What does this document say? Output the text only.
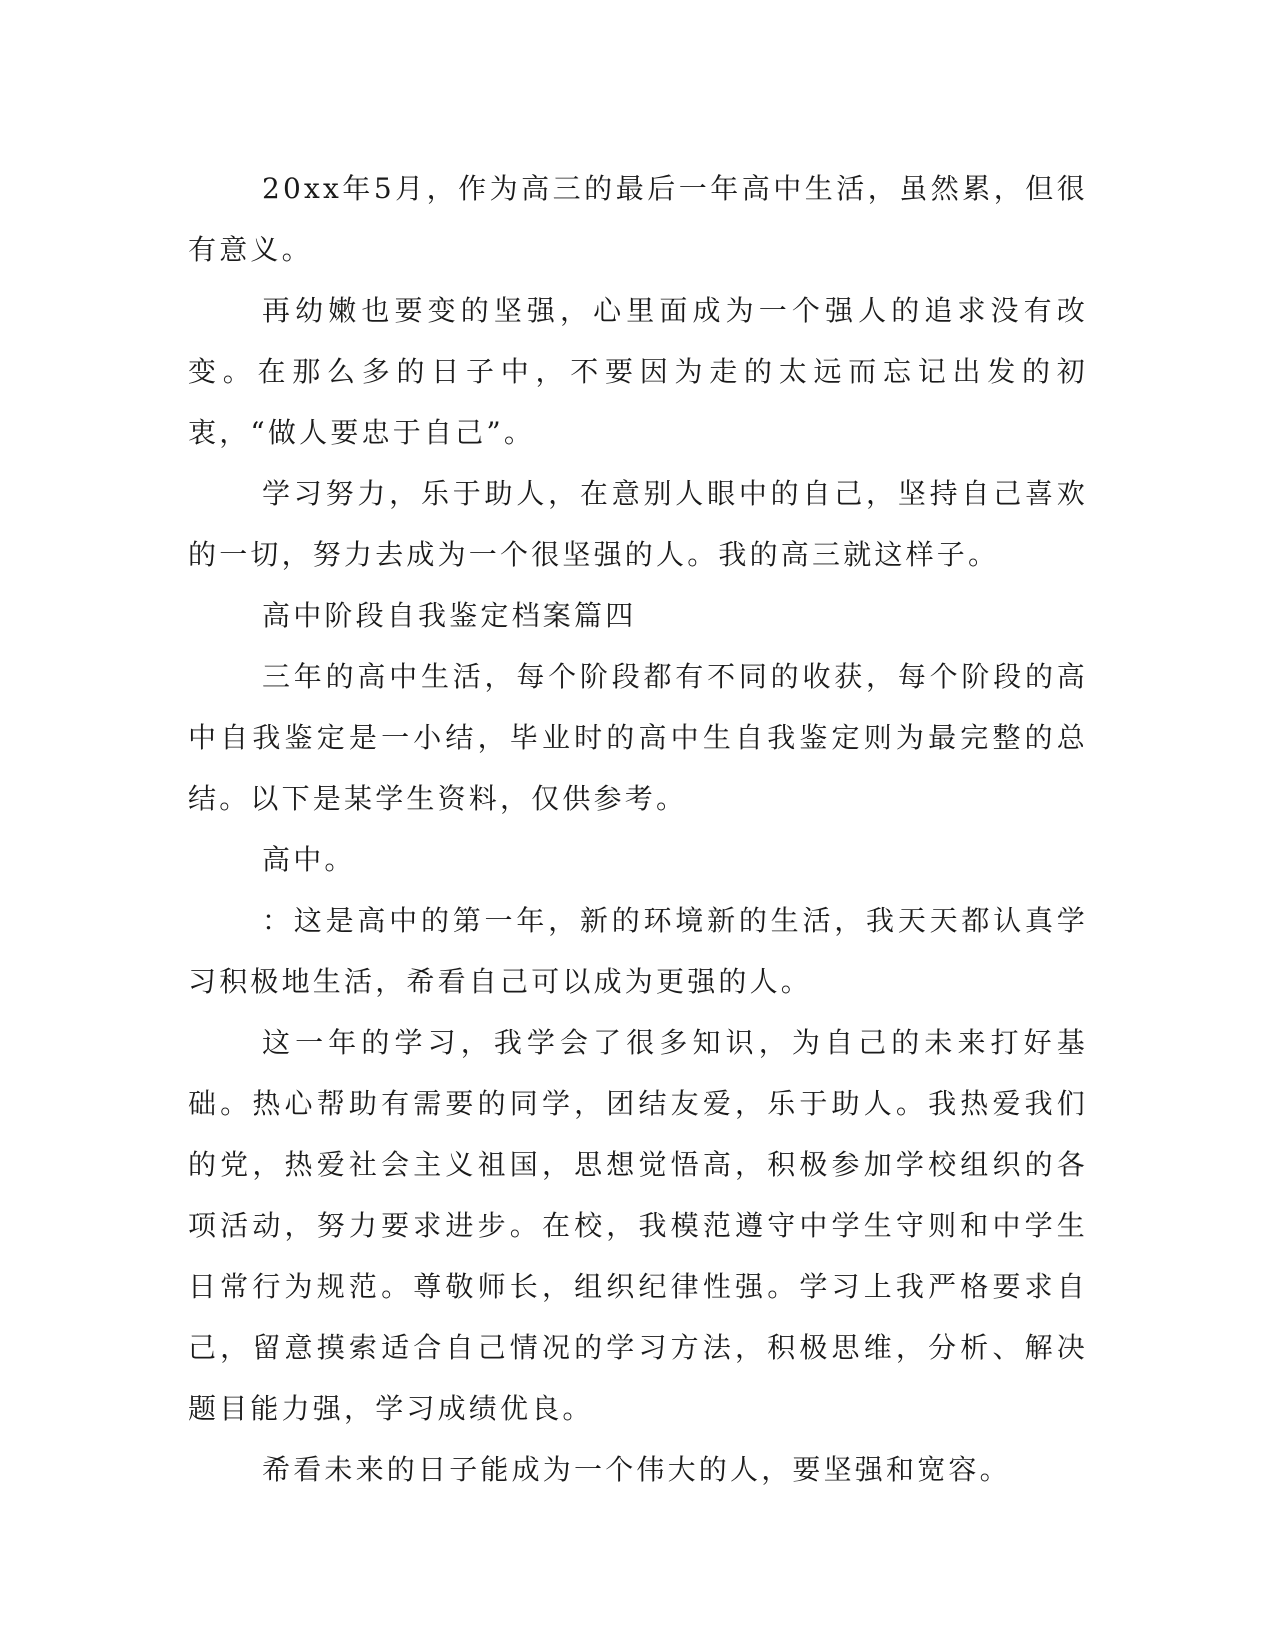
20xx年5月，作为高三的最后一年高中生活，虽然累，但很有意义。

再幼嫩也要变的坚强，心里面成为一个强人的追求没有改变。在那么多的日子中，不要因为走的太远而忘记出发的初衷，“做人要忠于自己”。

学习努力，乐于助人，在意别人眼中的自己，坚持自己喜欢的一切，努力去成为一个很坚强的人。我的高三就这样子。

高中阶段自我鉴定档案篇四

三年的高中生活，每个阶段都有不同的收获，每个阶段的高中自我鉴定是一小结，毕业时的高中生自我鉴定则为最完整的总结。以下是某学生资料，仅供参考。

高中。

：这是高中的第一年，新的环境新的生活，我天天都认真学习积极地生活，希看自己可以成为更强的人。

这一年的学习，我学会了很多知识，为自己的未来打好基础。热心帮助有需要的同学，团结友爱，乐于助人。我热爱我们的党，热爱社会主义祖国，思想觉悟高，积极参加学校组织的各项活动，努力要求进步。在校，我模范遵守中学生守则和中学生日常行为规范。尊敬师长，组织纪律性强。学习上我严格要求自己，留意摸索适合自己情况的学习方法，积极思维，分析、解决题目能力强，学习成绩优良。

希看未来的日子能成为一个伟大的人，要坚强和宽容。
